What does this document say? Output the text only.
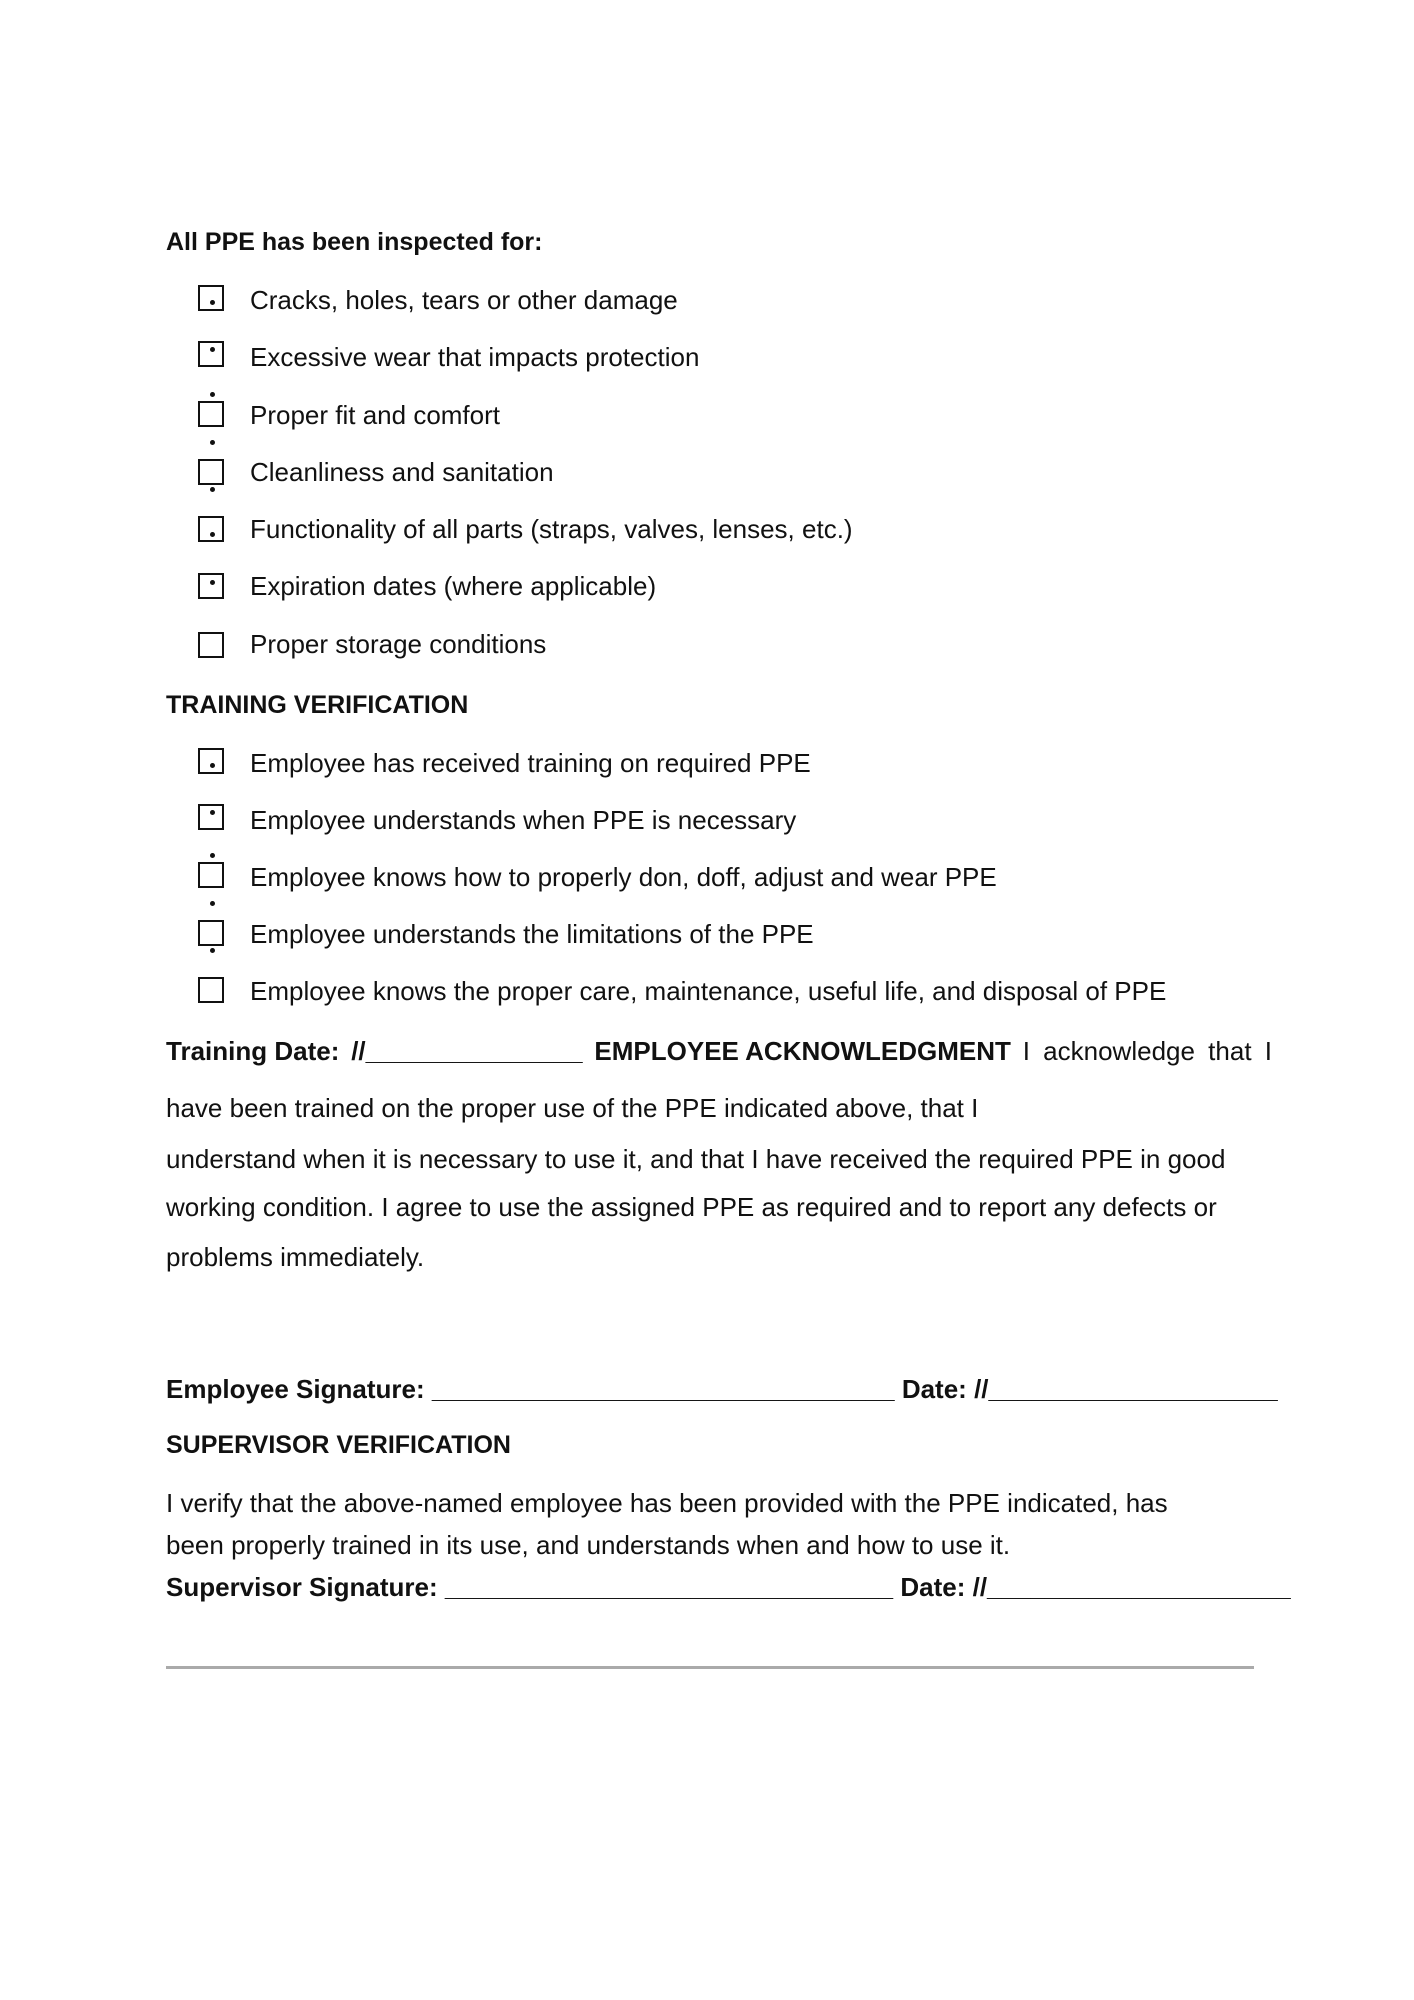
All PPE has been inspected for:
Cracks, holes, tears or other damage
Excessive wear that impacts protection
Proper fit and comfort
Cleanliness and sanitation
Functionality of all parts (straps, valves, lenses, etc.)
Expiration dates (where applicable)
Proper storage conditions
TRAINING VERIFICATION
Employee has received training on required PPE
Employee understands when PPE is necessary
Employee knows how to properly don, doff, adjust and wear PPE
Employee understands the limitations of the PPE
Employee knows the proper care, maintenance, useful life, and disposal of PPE
Training Date: //_______________ EMPLOYEE ACKNOWLEDGMENT I acknowledge that I
have been trained on the proper use of the PPE indicated above, that I
understand when it is necessary to use it, and that I have received the required PPE in good
working condition. I agree to use the assigned PPE as required and to report any defects or
problems immediately.
Employee Signature: ________________________________ Date: //____________________
SUPERVISOR VERIFICATION
I verify that the above-named employee has been provided with the PPE indicated, has
been properly trained in its use, and understands when and how to use it.
Supervisor Signature: _______________________________ Date: //_____________________
